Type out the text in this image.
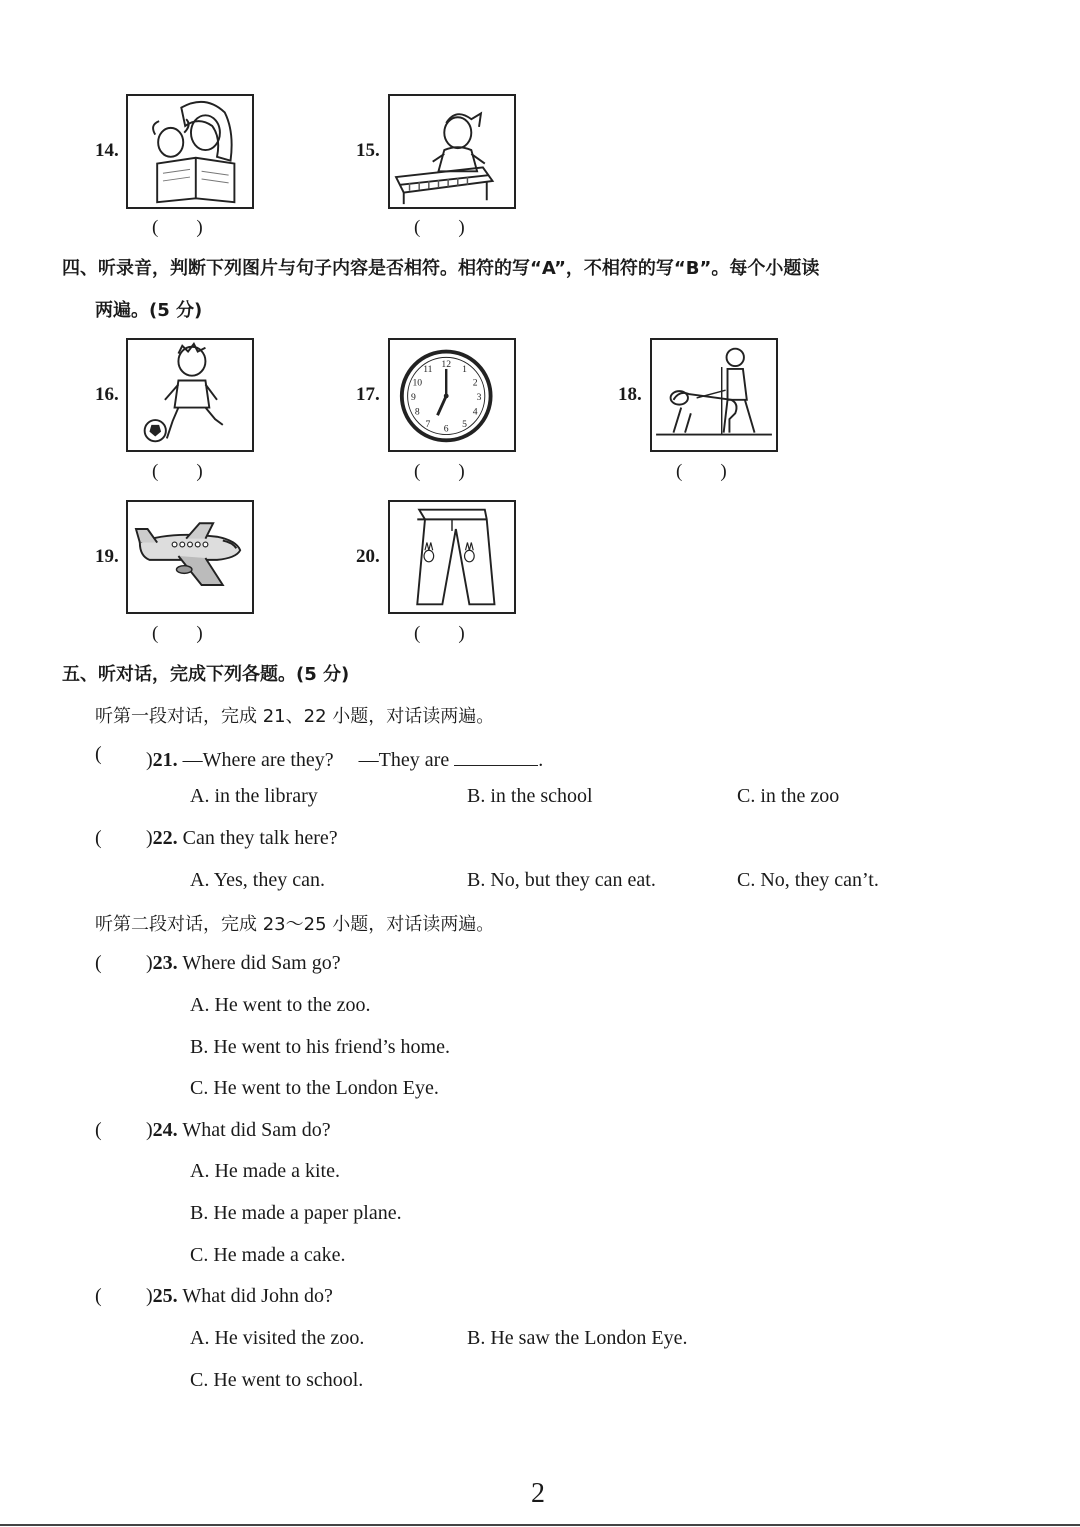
14.
(　　)
15.
(　　)
四、听录音，判断下列图片与句子内容是否相符。相符的写“A”，不相符的写“B”。每个小题读
两遍。(5 分)
16.
(　　)
17.
12 1
2
3
4
5
6
7
8
9
10
11
(　　)
18.
(　　)
19.
(　　)
20.
(　　)
五、听对话，完成下列各题。(5 分)
听第一段对话，完成 21、22 小题，对话读两遍。
( )21. —Where are they?　 —They are	.
A. in the library	B. in the school	C. in the zoo
( )22. Can they talk here?
A. Yes, they can.	B. No, but they can eat.	C. No, they can’t.
听第二段对话，完成 23～25 小题，对话读两遍。
( )23. Where did Sam go?
A. He went to the zoo.
B. He went to his friend’s home.
C. He went to the London Eye.
( )24. What did Sam do?
A. He made a kite.
B. He made a paper plane.
C. He made a cake.
( )25. What did John do?
A. He visited the zoo.	B. He saw the London Eye.
C. He went to school.
2
